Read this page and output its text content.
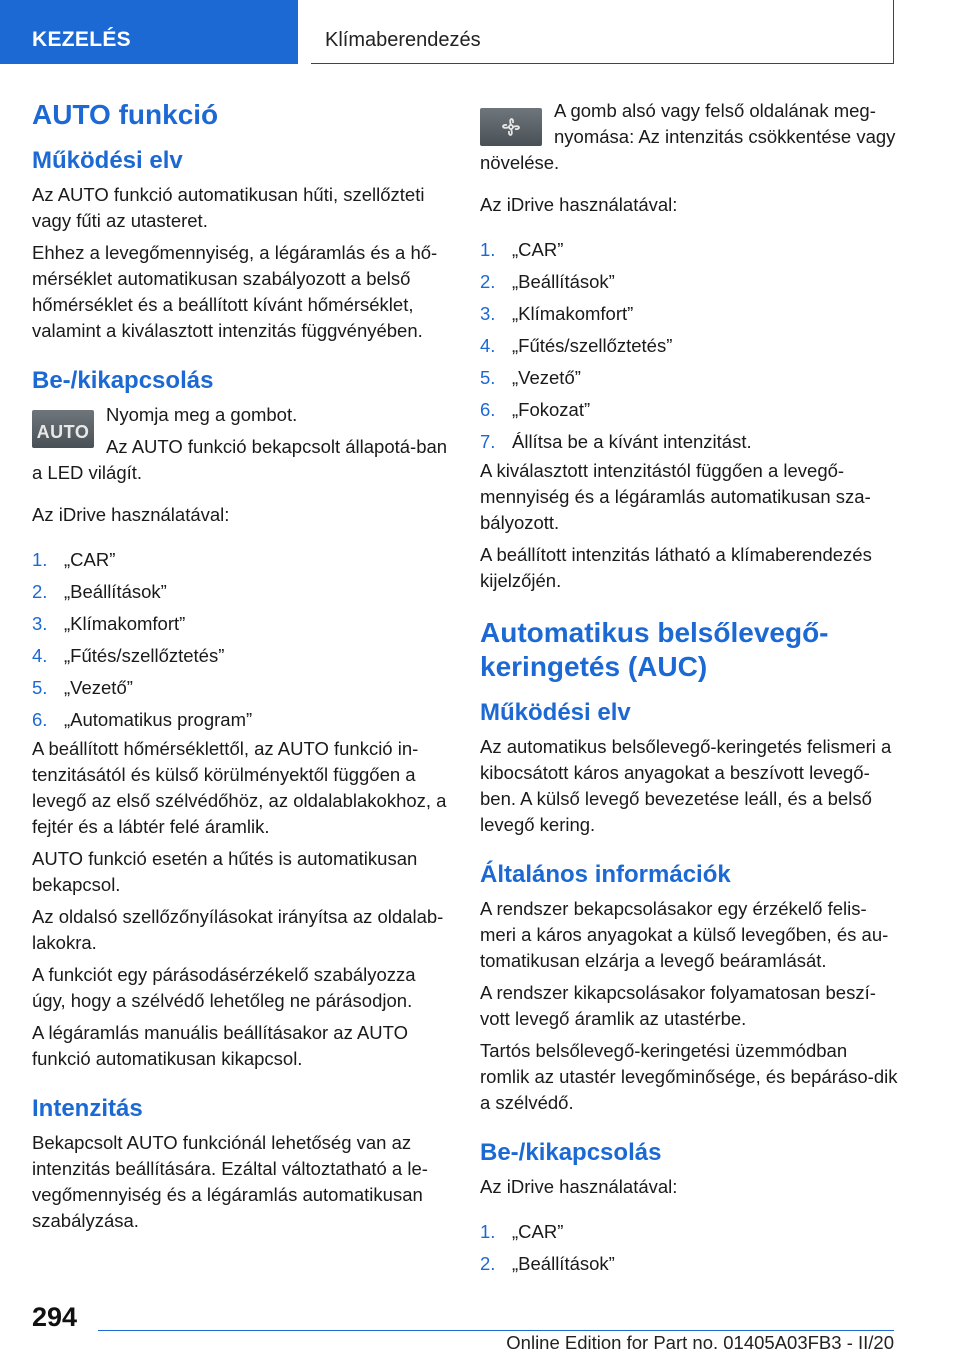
KEZELÉS	Klímaberendezés
AUTO funkció
Működési elv

Az AUTO funkció automatikusan hűti, szellőzteti vagy fűti az utasteret.

Ehhez a levegőmennyiség, a légáramlás és a hő-mérséklet automatikusan szabályozott a belső hőmérséklet és a beállított kívánt hőmérséklet, valamint a kiválasztott intenzitás függvényében.

Be-/kikapcsolás
AUTO

Nyomja meg a gombot.

Az AUTO funkció bekapcsolt állapotá-ban a LED világít.

Az iDrive használatával:

1. „CAR”
2. „Beállítások”
3. „Klímakomfort”
4. „Fűtés/szellőztetés”
5. „Vezető”
6. „Automatikus program”

A beállított hőmérséklettől, az AUTO funkció in-tenzitásától és külső körülményektől függően a levegő az első szélvédőhöz, az oldalablakokhoz, a fejtér és a lábtér felé áramlik.

AUTO funkció esetén a hűtés is automatikusan bekapcsol.

Az oldalsó szellőzőnyílásokat irányítsa az oldalab-lakokra.

A funkciót egy párásodásérzékelő szabályozza úgy, hogy a szélvédő lehetőleg ne párásodjon.

A légáramlás manuális beállításakor az AUTO funkció automatikusan kikapcsol.

Intenzitás

Bekapcsolt AUTO funkciónál lehetőség van az intenzitás beállítására. Ezáltal változtatható a le-vegőmennyiség és a légáramlás automatikusan szabályzása.

A gomb alsó vagy felső oldalának meg-nyomása: Az intenzitás csökkentése vagy növelése.

Az iDrive használatával:

1. „CAR”
2. „Beállítások”
3. „Klímakomfort”
4. „Fűtés/szellőztetés”
5. „Vezető”
6. „Fokozat”
7. Állítsa be a kívánt intenzitást.

A kiválasztott intenzitástól függően a levegő-mennyiség és a légáramlás automatikusan sza-bályozott.

A beállított intenzitás látható a klímaberendezés kijelzőjén.

Automatikus belsőlevegő-keringetés (AUC)
Működési elv

Az automatikus belsőlevegő-keringetés felismeri a kibocsátott káros anyagokat a beszívott levegő-ben. A külső levegő bevezetése leáll, és a belső levegő kering.

Általános információk

A rendszer bekapcsolásakor egy érzékelő felis-meri a káros anyagokat a külső levegőben, és au-tomatikusan elzárja a levegő beáramlását.

A rendszer kikapcsolásakor folyamatosan beszí-vott levegő áramlik az utastérbe.

Tartós belsőlevegő-keringetési üzemmódban romlik az utastér levegőminősége, és bepáráso-dik a szélvédő.

Be-/kikapcsolás

Az iDrive használatával:

1. „CAR”
2. „Beállítások”
294
Online Edition for Part no. 01405A03FB3 - II/20
